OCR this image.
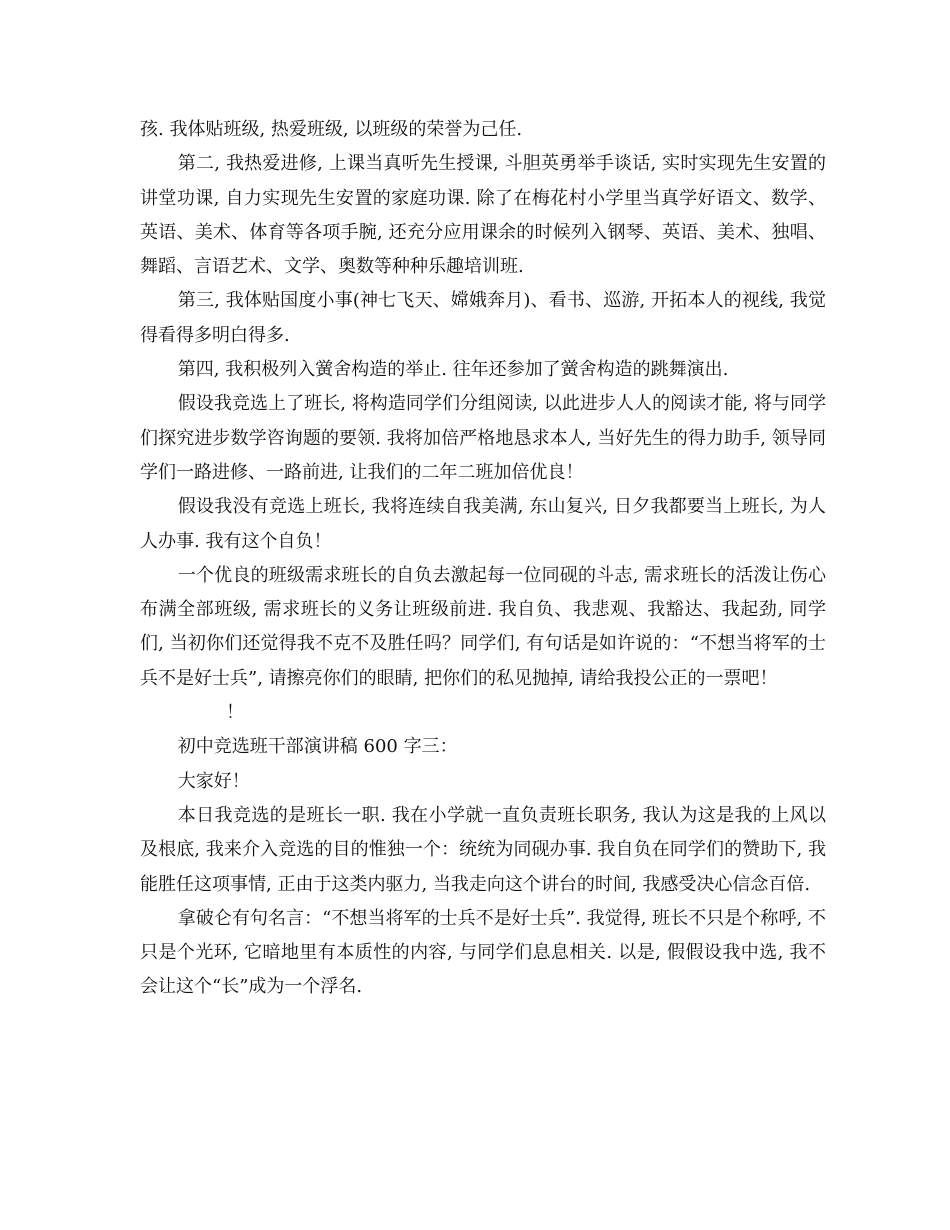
孩. 我体贴班级, 热爱班级, 以班级的荣誉为己任.

第二, 我热爱进修, 上课当真听先生授课, 斗胆英勇举手谈话, 实时实现先生安置的讲堂功课, 自力实现先生安置的家庭功课. 除了在梅花村小学里当真学好语文、数学、英语、美术、体育等各项手腕, 还充分应用课余的时候列入钢琴、英语、美术、独唱、舞蹈、言语艺术、文学、奥数等种种乐趣培训班.

第三, 我体贴国度小事(神七飞天、嫦娥奔月)、看书、巡游, 开拓本人的视线, 我觉得看得多明白得多.

第四, 我积极列入黉舍构造的举止. 往年还参加了黉舍构造的跳舞演出.

假设我竞选上了班长, 将构造同学们分组阅读, 以此进步人人的阅读才能, 将与同学们探究进步数学咨询题的要领. 我将加倍严格地恳求本人, 当好先生的得力助手, 领导同学们一路进修、一路前进, 让我们的二年二班加倍优良！

假设我没有竞选上班长, 我将连续自我美满, 东山复兴, 日夕我都要当上班长, 为人人办事. 我有这个自负！

一个优良的班级需求班长的自负去激起每一位同砚的斗志, 需求班长的活泼让伤心布满全部班级, 需求班长的义务让班级前进. 我自负、我悲观、我豁达、我起劲, 同学们, 当初你们还觉得我不克不及胜任吗？同学们, 有句话是如许说的：“不想当将军的士兵不是好士兵”, 请擦亮你们的眼睛, 把你们的私见抛掉, 请给我投公正的一票吧！

！

初中竞选班干部演讲稿 600 字三：

大家好！

本日我竞选的是班长一职. 我在小学就一直负责班长职务, 我认为这是我的上风以及根底, 我来介入竞选的目的惟独一个：统统为同砚办事. 我自负在同学们的赞助下, 我能胜任这项事情, 正由于这类内驱力, 当我走向这个讲台的时间, 我感受决心信念百倍.

拿破仑有句名言：“不想当将军的士兵不是好士兵”. 我觉得, 班长不只是个称呼, 不只是个光环, 它暗地里有本质性的内容, 与同学们息息相关. 以是, 假假设我中选, 我不会让这个“长”成为一个浮名.
